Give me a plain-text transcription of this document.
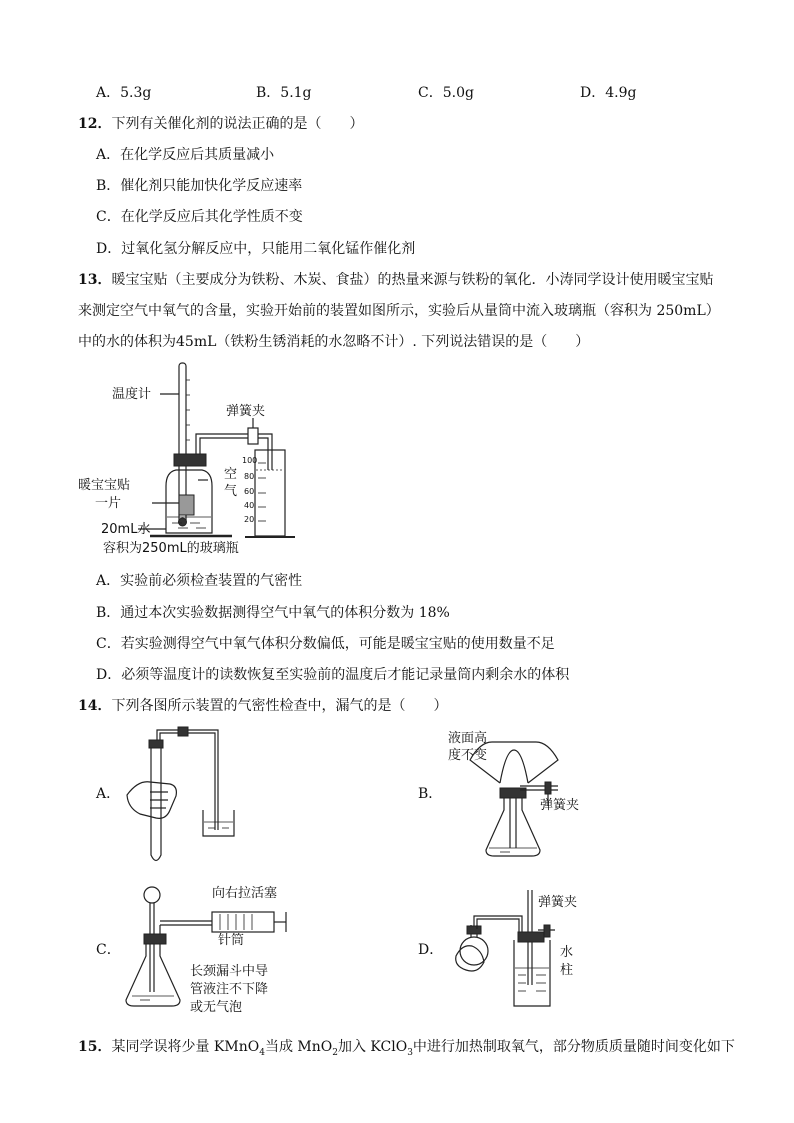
A．5.3g	B．5.1g	C．5.0g	D．4.9g
12．下列有关催化剂的说法正确的是（　　）
A．在化学反应后其质量减小
B．催化剂只能加快化学反应速率
C．在化学反应后其化学性质不变
D．过氧化氢分解反应中，只能用二氧化锰作催化剂
13．暖宝宝贴（主要成分为铁粉、木炭、食盐）的热量来源与铁粉的氧化．小涛同学设计使用暖宝宝贴
来测定空气中氧气的含量，实验开始前的装置如图所示，实验后从量筒中流入玻璃瓶（容积为 250mL）
中的水的体积为45mL（铁粉生锈消耗的水忽略不计）. 下列说法错误的是（　　）
温度计
弹簧夹
空
气
暖宝宝贴
一片
20mL水
容积为250mL的玻璃瓶
100
80
60
40
20
A．实验前必须检查装置的气密性
B．通过本次实验数据测得空气中氧气的体积分数为 18%
C．若实验测得空气中氧气体积分数偏低，可能是暖宝宝贴的使用数量不足
D．必须等温度计的读数恢复至实验前的温度后才能记录量筒内剩余水的体积
14．下列各图所示装置的气密性检查中，漏气的是（　　）
A．	B．
液面高
度不变
弹簧夹
C．
向右拉活塞
针筒
长颈漏斗中导
管液注不下降
或无气泡
D．
弹簧夹
水
柱
15．某同学误将少量 KMnO$_4$当成 MnO$_2$加入 KClO$_3$中进行加热制取氧气，部分物质质量随时间变化如下
